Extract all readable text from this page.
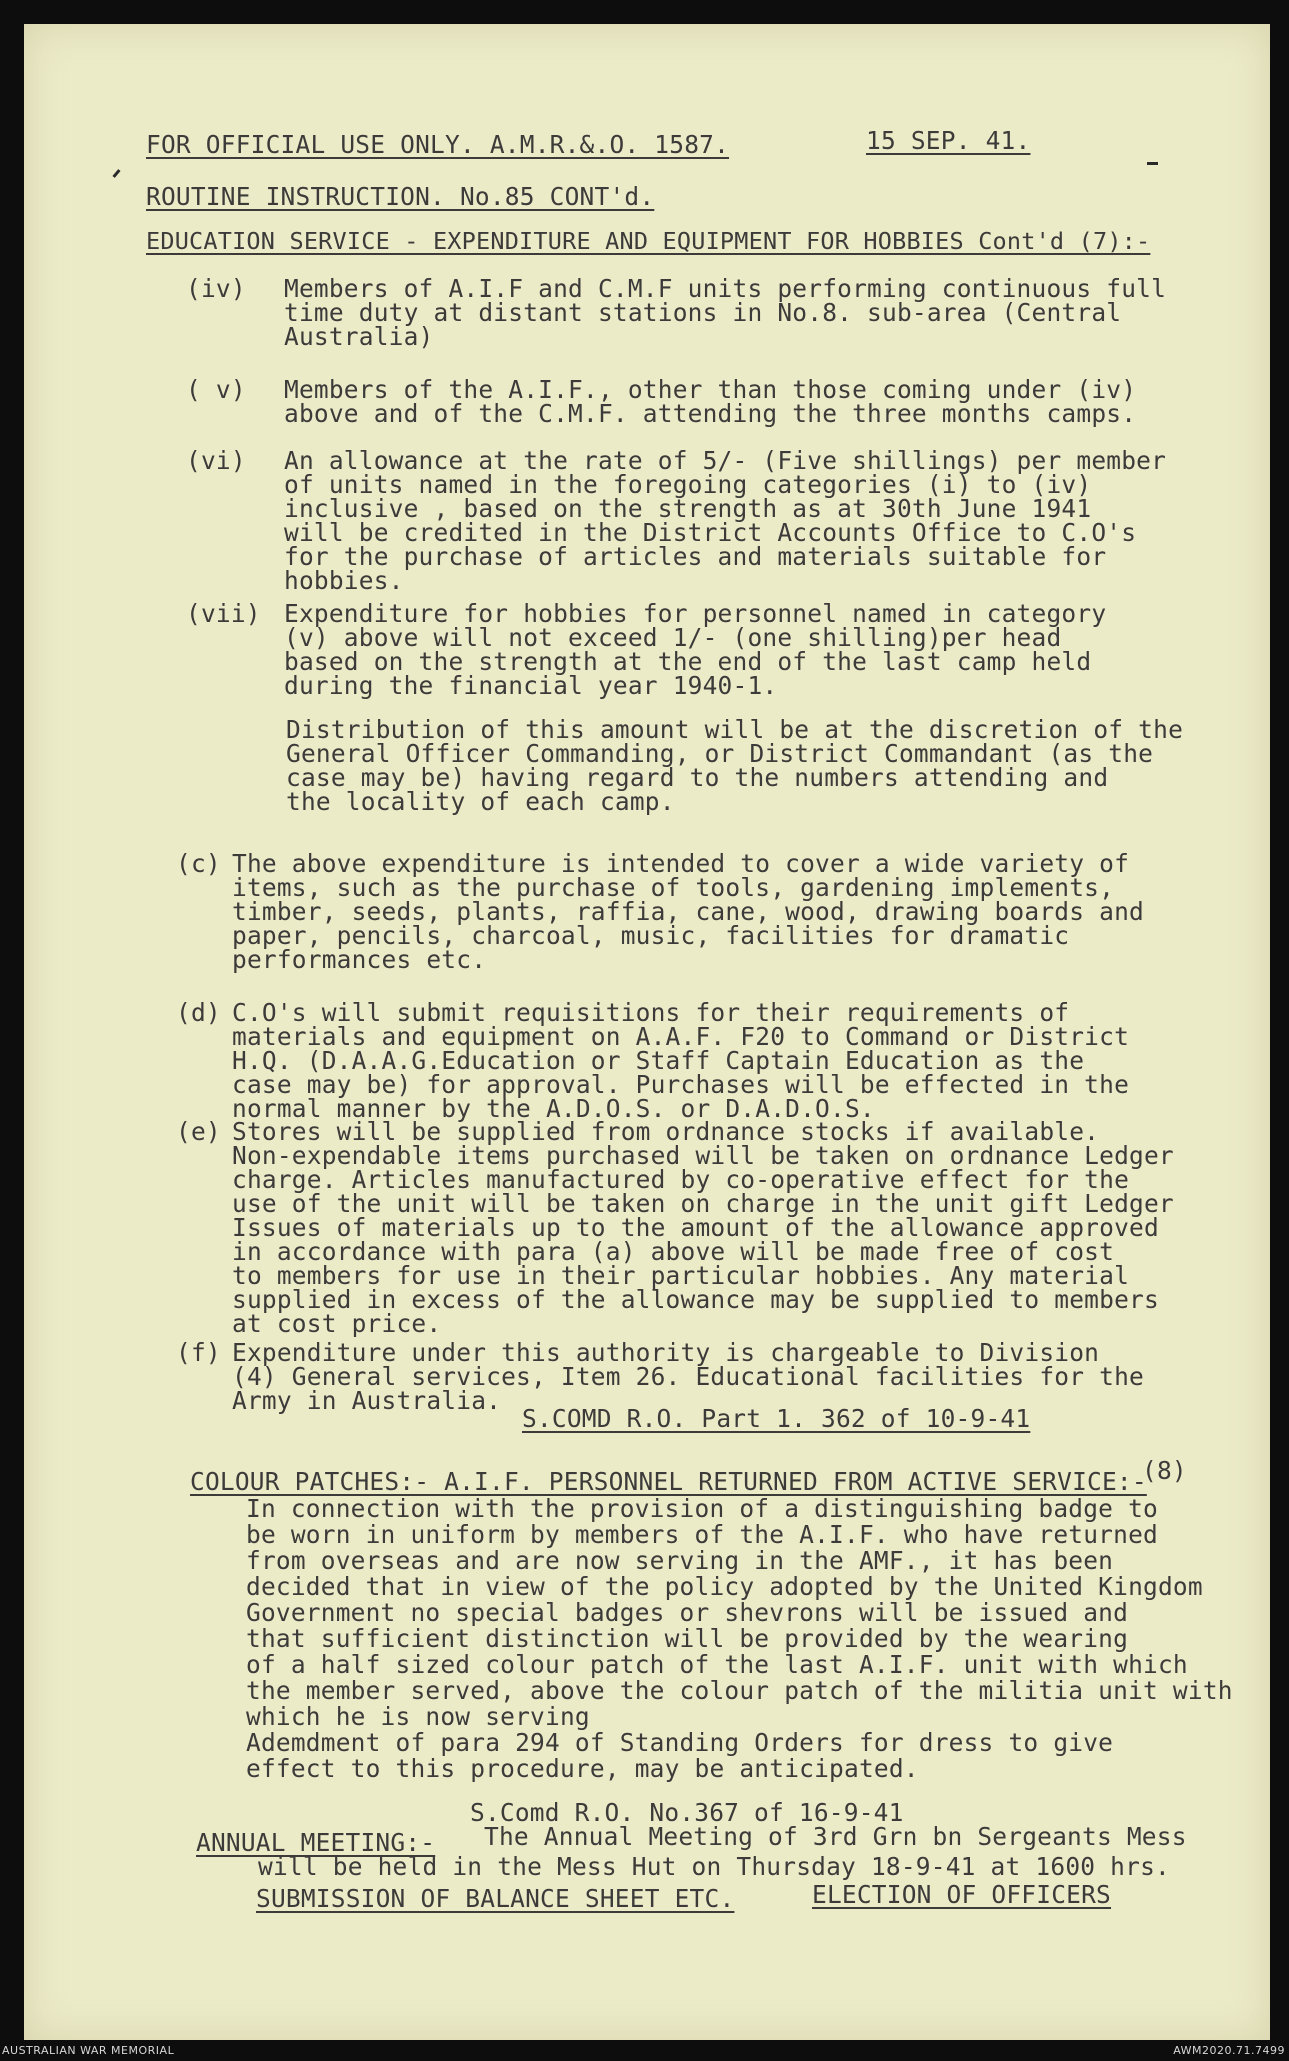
FOR OFFICIAL USE ONLY. A.M.R.&.O. 1587.	15 SEP. 41.
ROUTINE INSTRUCTION. No.85 CONT'd.
EDUCATION SERVICE - EXPENDITURE AND EQUIPMENT FOR HOBBIES Cont'd (7):-
(iv) Members of A.I.F and C.M.F units performing continuous full
time duty at distant stations in No.8. sub-area (Central
Australia)
( v) Members of the A.I.F., other than those coming under (iv)
above and of the C.M.F. attending the three months camps.
(vi) An allowance at the rate of 5/- (Five shillings) per member
of units named in the foregoing categories (i) to (iv)
inclusive , based on the strength as at 30th June 1941
will be credited in the District Accounts Office to C.O's
for the purchase of articles and materials suitable for
hobbies.
(vii) Expenditure for hobbies for personnel named in category
(v) above will not exceed 1/- (one shilling)per head
based on the strength at the end of the last camp held
during the financial year 1940-1.
Distribution of this amount will be at the discretion of the
General Officer Commanding, or District Commandant (as the
case may be) having regard to the numbers attending and
the locality of each camp.
(c) The above expenditure is intended to cover a wide variety of
items, such as the purchase of tools, gardening implements,
timber, seeds, plants, raffia, cane, wood, drawing boards and
paper, pencils, charcoal, music, facilities for dramatic
performances etc.
(d) C.O's will submit requisitions for their requirements of
materials and equipment on A.A.F. F20 to Command or District
H.Q. (D.A.A.G.Education or Staff Captain Education as the
case may be) for approval. Purchases will be effected in the
normal manner by the A.D.O.S. or D.A.D.O.S.
(e) Stores will be supplied from ordnance stocks if available.
Non-expendable items purchased will be taken on ordnance Ledger
charge. Articles manufactured by co-operative effect for the
use of the unit will be taken on charge in the unit gift Ledger
Issues of materials up to the amount of the allowance approved
in accordance with para (a) above will be made free of cost
to members for use in their particular hobbies. Any material
supplied in excess of the allowance may be supplied to members
at cost price.
(f) Expenditure under this authority is chargeable to Division
(4) General services, Item 26. Educational facilities for the
Army in Australia.
S.COMD R.O. Part 1. 362 of 10-9-41
COLOUR PATCHES:- A.I.F. PERSONNEL RETURNED FROM ACTIVE SERVICE:-
(8)
In connection with the provision of a distinguishing badge to
be worn in uniform by members of the A.I.F. who have returned
from overseas and are now serving in the AMF., it has been
decided that in view of the policy adopted by the United Kingdom
Government no special badges or shevrons will be issued and
that sufficient distinction will be provided by the wearing
of a half sized colour patch of the last A.I.F. unit with which
the member served, above the colour patch of the militia unit with
which he is now serving
Ademdment of para 294 of Standing Orders for dress to give
effect to this procedure, may be anticipated.
S.Comd R.O. No.367 of 16-9-41
ANNUAL MEETING:- The Annual Meeting of 3rd Grn bn Sergeants Mess
will be held in the Mess Hut on Thursday 18-9-41 at 1600 hrs.
SUBMISSION OF BALANCE SHEET ETC.	ELECTION OF OFFICERS
AUSTRALIAN WAR MEMORIAL	AWM2020.71.7499
